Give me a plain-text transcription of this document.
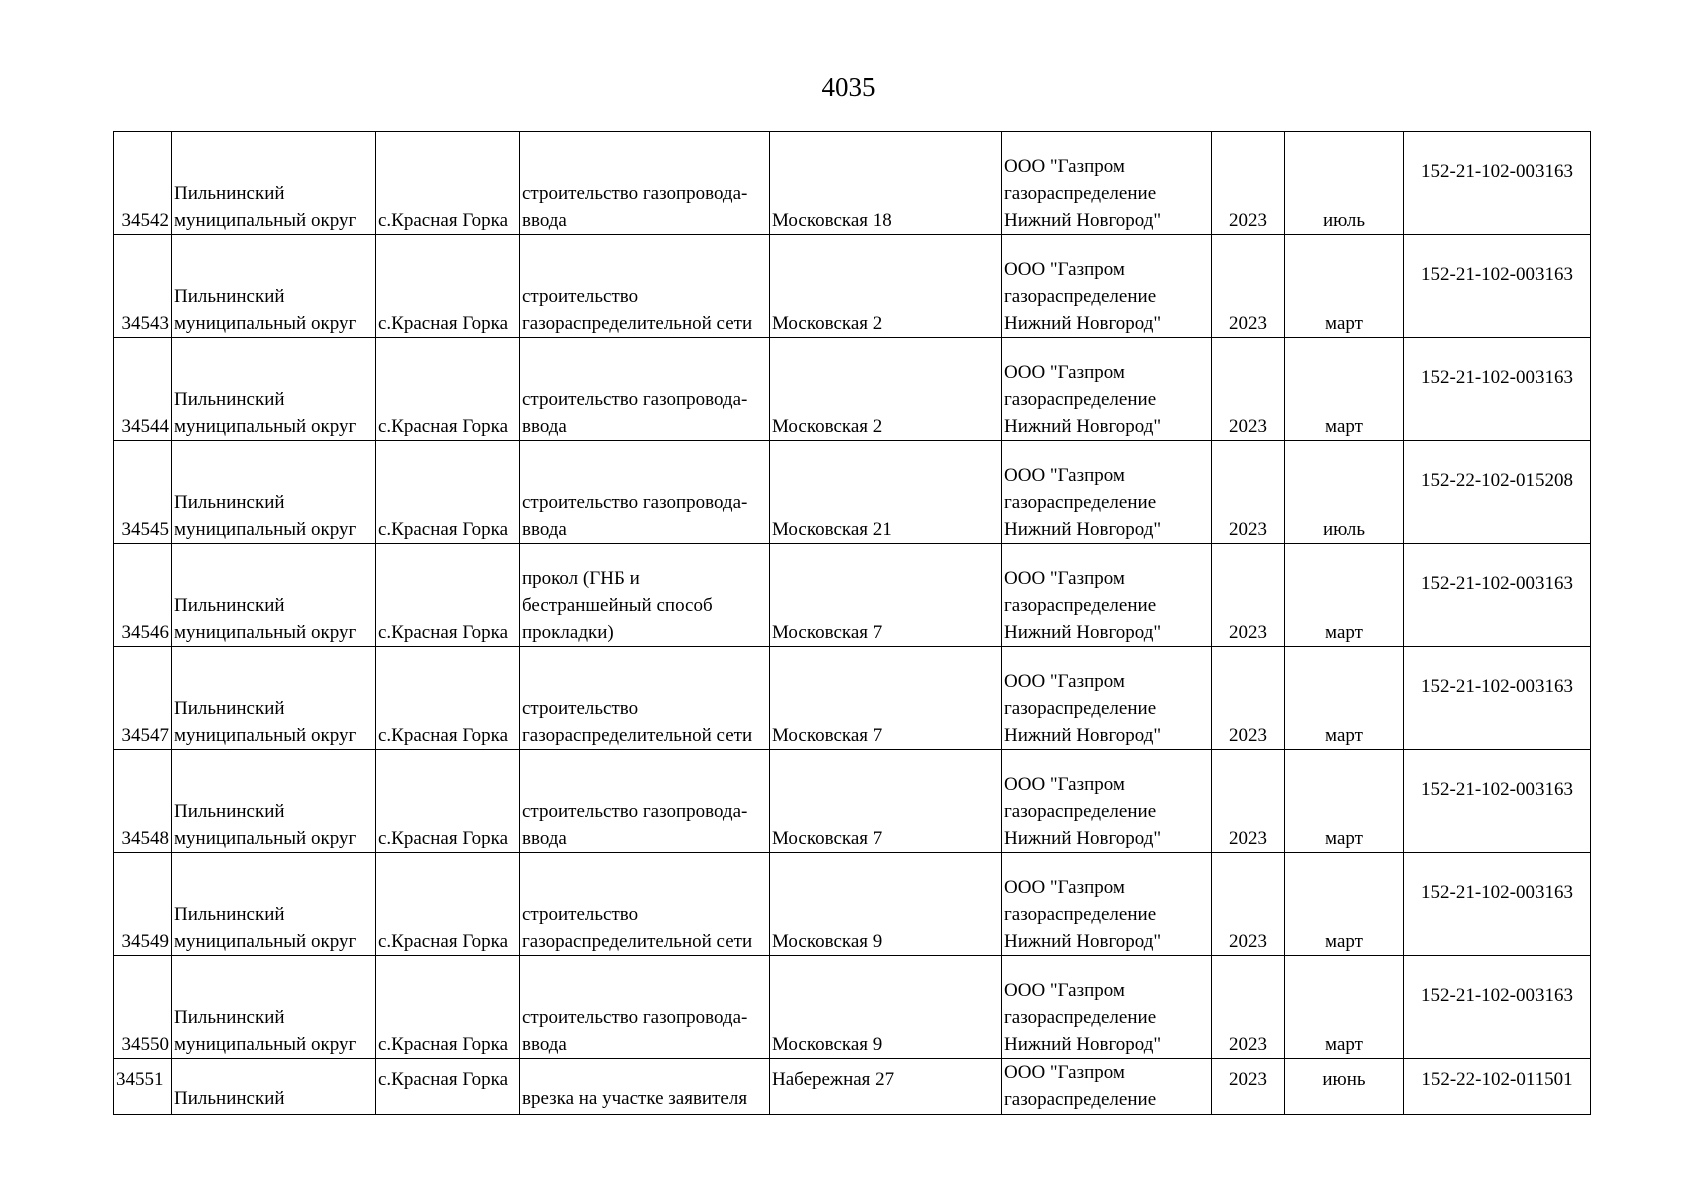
4035
34542	Пильнинский
муниципальный округ	с.Красная Горка	строительство газопровода-
ввода	Московская 18	ООО "Газпром
газораспределение
Нижний Новгород"	2023	июль	152-21-102-003163
34543	Пильнинский
муниципальный округ	с.Красная Горка	строительство
газораспределительной сети	Московская 2	ООО "Газпром
газораспределение
Нижний Новгород"	2023	март	152-21-102-003163
34544	Пильнинский
муниципальный округ	с.Красная Горка	строительство газопровода-
ввода	Московская 2	ООО "Газпром
газораспределение
Нижний Новгород"	2023	март	152-21-102-003163
34545	Пильнинский
муниципальный округ	с.Красная Горка	строительство газопровода-
ввода	Московская 21	ООО "Газпром
газораспределение
Нижний Новгород"	2023	июль	152-22-102-015208
34546	Пильнинский
муниципальный округ	с.Красная Горка	прокол (ГНБ и
бестраншейный способ
прокладки)	Московская 7	ООО "Газпром
газораспределение
Нижний Новгород"	2023	март	152-21-102-003163
34547	Пильнинский
муниципальный округ	с.Красная Горка	строительство
газораспределительной сети	Московская 7	ООО "Газпром
газораспределение
Нижний Новгород"	2023	март	152-21-102-003163
34548	Пильнинский
муниципальный округ	с.Красная Горка	строительство газопровода-
ввода	Московская 7	ООО "Газпром
газораспределение
Нижний Новгород"	2023	март	152-21-102-003163
34549	Пильнинский
муниципальный округ	с.Красная Горка	строительство
газораспределительной сети	Московская 9	ООО "Газпром
газораспределение
Нижний Новгород"	2023	март	152-21-102-003163
34550	Пильнинский
муниципальный округ	с.Красная Горка	строительство газопровода-
ввода	Московская 9	ООО "Газпром
газораспределение
Нижний Новгород"	2023	март	152-21-102-003163
34551	Пильнинский	с.Красная Горка	врезка на участке заявителя	Набережная 27	ООО "Газпром
газораспределение	2023	июнь	152-22-102-011501
